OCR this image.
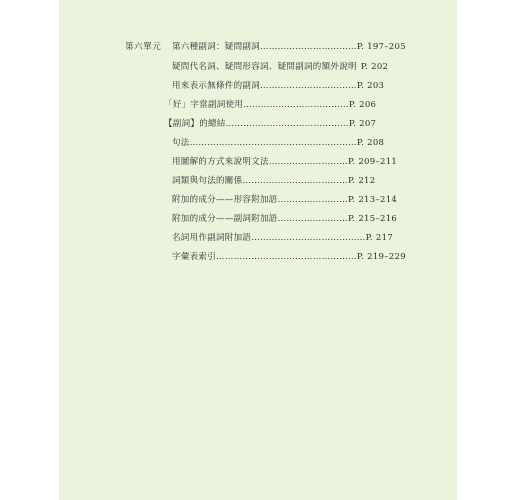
第六單元 第六種副詞：疑問副詞……………………………P. 197–205
疑問代名詞、疑問形容詞、疑問副詞的額外說明 P. 202
用來表示無條件的副詞……………………………P. 203
「好」字當副詞使用………………………………P. 206
【副詞】的總結……………………………………P. 207
句法…………………………………………………P. 208
用圖解的方式來說明文法………………………P. 209–211
詞類與句法的關係………………………………P. 212
附加的成分——形容附加語……………………P. 213–214
附加的成分——副詞附加語……………………P. 215–216
名詞用作副詞附加語…………………………………P. 217
字彙表索引…………………………………………P. 219–229
